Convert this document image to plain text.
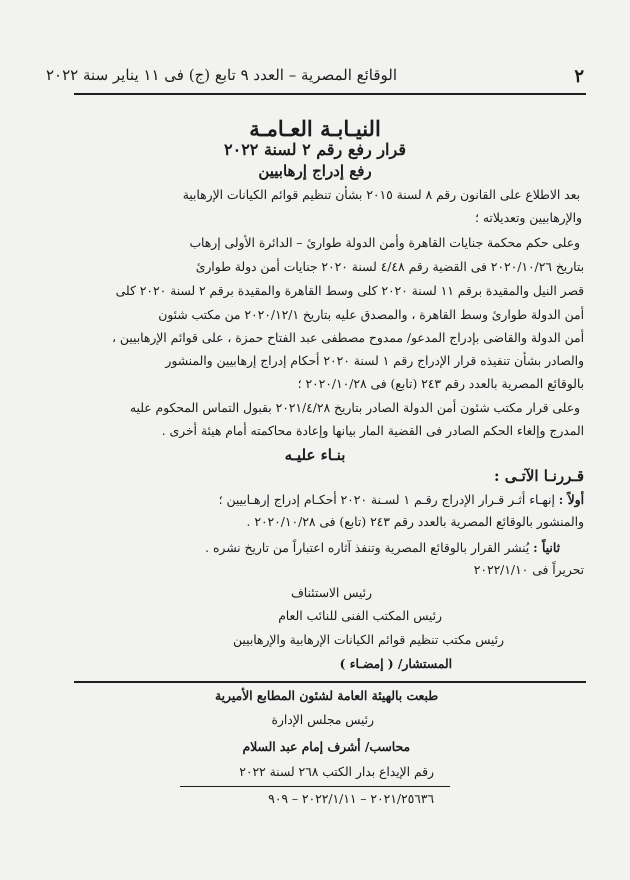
٢
الوقائع المصرية – العدد ٩ تابع (ج) فى ١١ يناير سنة ٢٠٢٢
النيـابـة العـامـة
قرار رفع رقم ٢ لسنة ٢٠٢٢
رفع إدراج إرهابيين
بعد الاطلاع على القانون رقم ٨ لسنة ٢٠١٥ بشأن تنظيم قوائم الكيانات الإرهابية
والإرهابيين وتعديلاته ؛
وعلى حكم محكمة جنايات القاهرة وأمن الدولة طوارئ – الدائرة الأولى إرهاب
بتاريخ ٢٠٢٠/١٠/٢٦ فى القضية رقم ٤/٤٨ لسنة ٢٠٢٠ جنايات أمن دولة طوارئ
قصر النيل والمقيدة برقم ١١ لسنة ٢٠٢٠ كلى وسط القاهرة والمقيدة برقم ٢ لسنة ٢٠٢٠ كلى
أمن الدولة طوارئ وسط القاهرة ، والمصدق عليه بتاريخ ٢٠٢٠/١٢/١ من مكتب شئون
أمن الدولة والقاضى بإدراج المدعو/ ممدوح مصطفى عبد الفتاح حمزة ، على قوائم الإرهابيين ،
والصادر بشأن تنفيذه قرار الإدراج رقم ١ لسنة ٢٠٢٠ أحكام إدراج إرهابيين والمنشور
بالوقائع المصرية بالعدد رقم ٢٤٣ (تابع) فى ٢٠٢٠/١٠/٢٨ ؛
وعلى قرار مكتب شئون أمن الدولة الصادر بتاريخ ٢٠٢١/٤/٢٨ بقبول التماس المحكوم عليه
المدرج وإلغاء الحكم الصادر فى القضية المار بيانها وإعادة محاكمته أمام هيئة أخرى .
بنـاء عليـه
قـررنـا الآتـى :
أولاً : إنهـاء أثـر قـرار الإدراج رقـم ١ لسـنة ٢٠٢٠ أحكـام إدراج إرهـابيين ؛
والمنشور بالوقائع المصرية بالعدد رقم ٢٤٣ (تابع) فى ٢٠٢٠/١٠/٢٨ .
ثانياً : يُنشر القرار بالوقائع المصرية وتنفذ آثاره اعتباراً من تاريخ نشره .
تحريراً فى ٢٠٢٢/١/١٠
رئيس الاستئناف
رئيس المكتب الفنى للنائب العام
رئيس مكتب تنظيم قوائم الكيانات الإرهابية والإرهابيين
المستشار/ ( إمضـاء )
طبعت بالهيئة العامة لشئون المطابع الأميرية
رئيس مجلس الإدارة
محاسب/ أشرف إمام عبد السلام
رقم الإيداع بدار الكتب ٢٦٨ لسنة ٢٠٢٢
٢٠٢١/٢٥٦٣٦ – ٢٠٢٢/١/١١ – ٩٠٩
